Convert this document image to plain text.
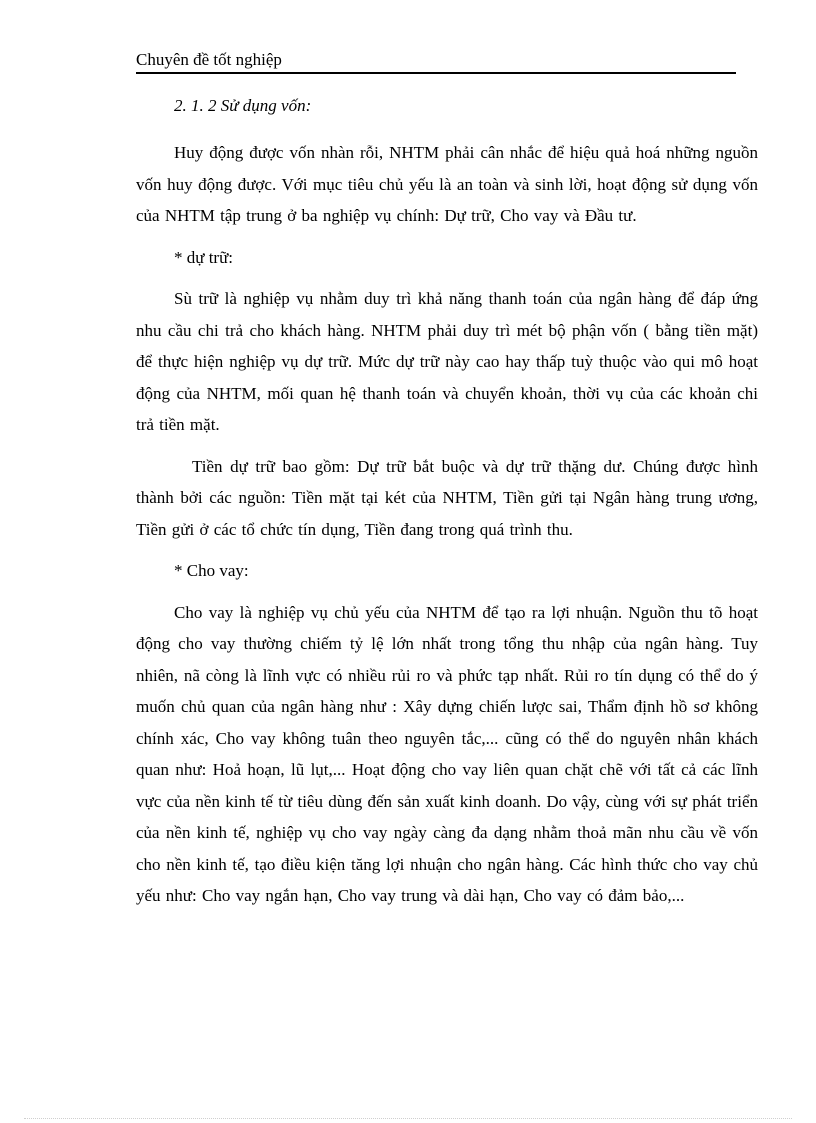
Chuyên đề tốt nghiệp
2. 1. 2 Sử dụng vốn:

Huy động được vốn nhàn rỗi, NHTM phải cân nhắc để hiệu quả hoá những nguồn vốn huy động được. Với mục tiêu chủ yếu là an toàn và sinh lời, hoạt động sử dụng vốn của NHTM tập trung ở ba nghiệp vụ chính: Dự trữ, Cho vay và Đầu tư.

* dự trữ:

Sù trữ là nghiệp vụ nhằm duy trì khả năng thanh toán của ngân hàng để đáp ứng nhu cầu chi trả cho khách hàng. NHTM phải duy trì mét bộ phận vốn ( bằng tiền mặt) để thực hiện nghiệp vụ dự trữ. Mức dự trữ này cao hay thấp tuỳ thuộc vào qui mô hoạt động của NHTM, mối quan hệ thanh toán và chuyển khoản, thời vụ của các khoản chi trả tiền mặt.

Tiền dự trữ bao gồm: Dự trữ bắt buộc và dự trữ thặng dư. Chúng được hình thành bởi các nguồn: Tiền mặt tại két của NHTM, Tiền gửi tại Ngân hàng trung ương, Tiền gửi ở các tổ chức tín dụng, Tiền đang trong quá trình thu.

* Cho vay:

Cho vay là nghiệp vụ chủ yếu của NHTM để tạo ra lợi nhuận. Nguồn thu tõ hoạt động cho vay thường chiếm tỷ lệ lớn nhất trong tổng thu nhập của ngân hàng. Tuy nhiên, nã còng là lĩnh vực có nhiều rủi ro và phức tạp nhất. Rủi ro tín dụng có thể do ý muốn chủ quan của ngân hàng như : Xây dựng chiến lược sai, Thẩm định hồ sơ không chính xác, Cho vay không tuân theo nguyên tắc,... cũng có thể do nguyên nhân khách quan như: Hoả hoạn, lũ lụt,... Hoạt động cho vay liên quan chặt chẽ với tất cả các lĩnh vực của nền kinh tế từ tiêu dùng đến sản xuất kinh doanh. Do vậy, cùng với sự phát triển của nền kinh tế, nghiệp vụ cho vay ngày càng đa dạng nhằm thoả mãn nhu cầu về vốn cho nền kinh tế, tạo điều kiện tăng lợi nhuận cho ngân hàng. Các hình thức cho vay chủ yếu như: Cho vay ngắn hạn, Cho vay trung và dài hạn, Cho vay có đảm bảo,...
